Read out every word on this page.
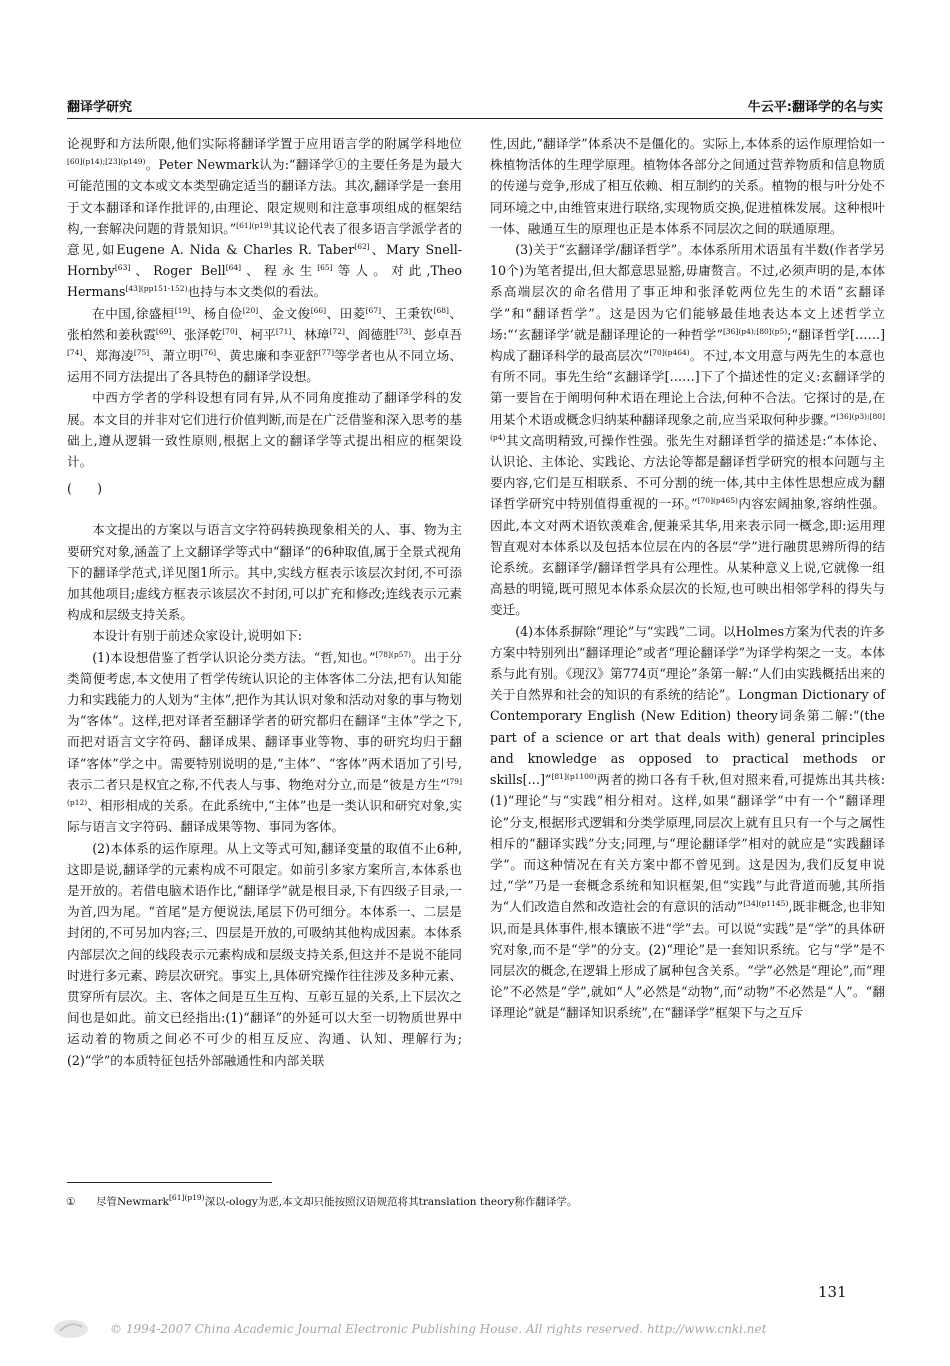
翻译学研究	牛云平:翻译学的名与实

论视野和方法所限,他们实际将翻译学置于应用语言学的附属学科地位$^{[60](p14);[23](p149)}$。Peter Newmark认为:“翻译学①的主要任务是为最大可能范围的文本或文本类型确定适当的翻译方法。其次,翻译学是一套用于文本翻译和译作批评的,由理论、限定规则和注意事项组成的框架结构,一套解决问题的背景知识。”$^{[61](p19)}$其议论代表了很多语言学派学者的意见,如Eugene A. Nida & Charles R. Taber[62]、Mary Snell-Hornby[63]、Roger Bell[64]、程永生[65]等人。对此,Theo Hermans$^{[43](pp151-152)}$也持与本文类似的看法。

在中国,徐盛桓[19]、杨自俭[20]、金文俊[66]、田菱[67]、王秉钦[68]、张柏然和姜秋霞[69]、张泽乾[70]、柯平[71]、林璋[72]、阎德胜[73]、彭卓吾[74]、郑海凌[75]、萧立明[76]、黄忠廉和李亚舒[77]等学者也从不同立场、运用不同方法提出了各具特色的翻译学设想。

中西方学者的学科设想有同有异,从不同角度推动了翻译学科的发展。本文目的并非对它们进行价值判断,而是在广泛借鉴和深入思考的基础上,遵从逻辑一致性原则,根据上文的翻译学等式提出相应的框架设计。

(　　)

本文提出的方案以与语言文字符码转换现象相关的人、事、物为主要研究对象,涵盖了上文翻译学等式中“翻译”的6种取值,属于全景式视角下的翻译学范式,详见图1所示。其中,实线方框表示该层次封闭,不可添加其他项目;虚线方框表示该层次不封闭,可以扩充和修改;连线表示元素构成和层级支持关系。

本设计有别于前述众家设计,说明如下:

(1)本设想借鉴了哲学认识论分类方法。“哲,知也。”$^{[78](p57)}$。出于分类简便考虑,本文使用了哲学传统认识论的主体客体二分法,把有认知能力和实践能力的人划为“主体”,把作为其认识对象和活动对象的事与物划为“客体”。这样,把对译者至翻译学者的研究都归在翻译“主体”学之下,而把对语言文字符码、翻译成果、翻译事业等物、事的研究均归于翻译“客体”学之中。需要特别说明的是,“主体”、“客体”两术语加了引号,表示二者只是权宜之称,不代表人与事、物绝对分立,而是“彼是方生”$^{[79](p12)}$、相形相成的关系。在此系统中,“主体”也是一类认识和研究对象,实际与语言文字符码、翻译成果等物、事同为客体。

(2)本体系的运作原理。从上文等式可知,翻译变量的取值不止6种,这即是说,翻译学的元素构成不可限定。如前引多家方案所言,本体系也是开放的。若借电脑术语作比,“翻译学”就是根目录,下有四级子目录,一为首,四为尾。“首尾”是方便说法,尾层下仍可细分。本体系一、二层是封闭的,不可另加内容;三、四层是开放的,可吸纳其他构成因素。本体系内部层次之间的线段表示元素构成和层级支持关系,但这并不是说不能同时进行多元素、跨层次研究。事实上,具体研究操作往往涉及多种元素、贯穿所有层次。主、客体之间是互生互构、互彰互显的关系,上下层次之间也是如此。前文已经指出:(1)“翻译”的外延可以大至一切物质世界中运动着的物质之间必不可少的相互反应、沟通、认知、理解行为;(2)“学”的本质特征包括外部融通性和内部关联

性,因此,“翻译学”体系决不是僵化的。实际上,本体系的运作原理恰如一株植物活体的生理学原理。植物体各部分之间通过营养物质和信息物质的传递与竞争,形成了相互依赖、相互制约的关系。植物的根与叶分处不同环境之中,由维管束进行联络,实现物质交换,促进植株发展。这种根叶一体、融通互生的原理也正是本体系不同层次之间的联通原理。

(3)关于“玄翻译学/翻译哲学”。本体系所用术语虽有半数(作者学另10个)为笔者提出,但大都意思显豁,毋庸赘言。不过,必须声明的是,本体系高端层次的命名借用了事正坤和张泽乾两位先生的术语“玄翻译学”和“翻译哲学”。这是因为它们能够最佳地表达本文上述哲学立场:“‘玄翻译学’就是翻译理论的一种哲学”$^{[36](p4);[80](p5)}$;“翻译哲学[……]构成了翻译科学的最高层次”$^{[70](p464)}$。不过,本文用意与两先生的本意也有所不同。事先生给“玄翻译学[……]下了个描述性的定义:玄翻译学的第一要旨在于阐明何种术语在理论上合法,何种不合法。它探讨的是,在用某个术语或概念归纳某种翻译现象之前,应当采取何种步骤。”$^{[36](p3);[80](p4)}$其文高明精致,可操作性强。张先生对翻译哲学的描述是:“本体论、认识论、主体论、实践论、方法论等都是翻译哲学研究的根本问题与主要内容,它们是互相联系、不可分割的统一体,其中主体性思想应成为翻译哲学研究中特别值得重视的一环。”$^{[70](p465)}$内容宏阔抽象,容纳性强。因此,本文对两术语钦羡难舍,便兼采其华,用来表示同一概念,即:运用理智直观对本体系以及包括本位层在内的各层“学”进行融贯思辨所得的结论系统。玄翻译学/翻译哲学具有公理性。从某种意义上说,它就像一组高悬的明镜,既可照见本体系众层次的长短,也可映出相邻学科的得失与变迁。

(4)本体系摒除“理论”与“实践”二词。以Holmes方案为代表的许多方案中特别列出“翻译理论”或者“理论翻译学”为译学构架之一支。本体系与此有别。《现汉》第774页“理论”条第一解:“人们由实践概括出来的关于自然界和社会的知识的有系统的结论”。Longman Dictionary of Contemporary English (New Edition) theory词条第二解:“(the part of a science or art that deals with) general principles and knowledge as opposed to practical methods or skills[…]”$^{[81](p1100)}$两者的拗口各有千秋,但对照来看,可提炼出其共核:(1)“理论”与“实践”相分相对。这样,如果“翻译学”中有一个“翻译理论”分支,根据形式逻辑和分类学原理,同层次上就有且只有一个与之属性相斥的“翻译实践”分支;同理,与“理论翻译学”相对的就应是“实践翻译学”。而这种情况在有关方案中都不曾见到。这是因为,我们反复申说过,“学”乃是一套概念系统和知识框架,但“实践”与此背道而驰,其所指为“人们改造自然和改造社会的有意识的活动”$^{[34](p1145)}$,既非概念,也非知识,而是具体事件,根本镶嵌不进“学”去。可以说“实践”是“学”的具体研究对象,而不是“学”的分支。(2)“理论”是一套知识系统。它与“学”是不同层次的概念,在逻辑上形成了属种包含关系。“学”必然是“理论”,而“理论”不必然是“学”,就如“人”必然是“动物”,而“动物”不必然是“人”。“翻译理论”就是“翻译知识系统”,在“翻译学”框架下与之互斥

① 尽管Newmark$^{[61](p19)}$深以-ology为恶,本文却只能按照汉语规范将其translation theory称作翻译学。
131
© 1994-2007 China Academic Journal Electronic Publishing House. All rights reserved. http://www.cnki.net
